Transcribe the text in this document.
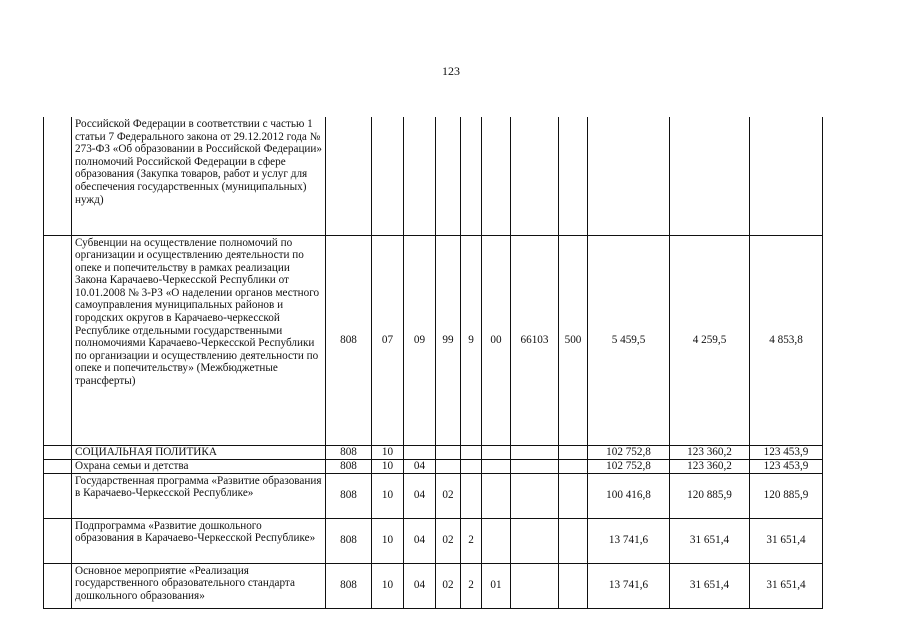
123
	Российской Федерации в соответствии с частью 1 статьи 7 Федерального закона от 29.12.2012 года № 273-ФЗ «Об образовании в Российской Федерации» полномочий Российской Федерации в сфере образования (Закупка товаров, работ и услуг для обеспечения государственных (муниципальных) нужд)											
	Субвенции на осуществление полномочий по организации и осуществлению деятельности по опеке и попечительству в рамках реализации Закона Карачаево-Черкесской Республики от 10.01.2008 № 3-РЗ «О наделении органов местного самоуправления муниципальных районов и городских округов в Карачаево-черкесской Республике отдельными государственными полномочиями Карачаево-Черкесской Республики по организации и осуществлению деятельности по опеке и попечительству» (Межбюджетные трансферты)	808	07	09	99	9	00	66103	500	5 459,5	4 259,5	4 853,8
	СОЦИАЛЬНАЯ ПОЛИТИКА	808	10							102 752,8	123 360,2	123 453,9
	Охрана семьи и детства	808	10	04						102 752,8	123 360,2	123 453,9
	Государственная программа «Развитие образования в Карачаево-Черкесской Республике»	808	10	04	02					100 416,8	120 885,9	120 885,9
	Подпрограмма «Развитие дошкольного образования в Карачаево-Черкесской Республике»	808	10	04	02	2				13 741,6	31 651,4	31 651,4
	Основное мероприятие «Реализация государственного образовательного стандарта дошкольного образования»	808	10	04	02	2	01			13 741,6	31 651,4	31 651,4
